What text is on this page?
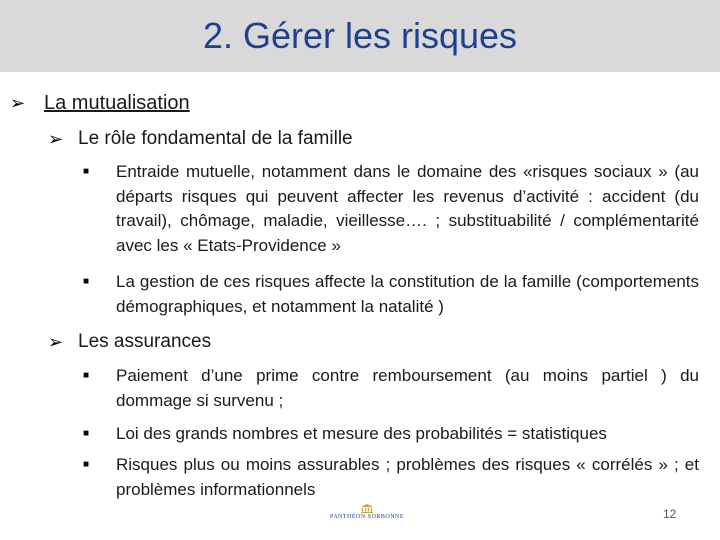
2. Gérer les risques
➢ La mutualisation
➢ Le rôle fondamental de la famille
■ Entraide mutuelle, notamment dans le domaine des «risques sociaux » (au départs risques qui peuvent affecter les revenus d’activité : accident (du travail), chômage, maladie, vieillesse…. ; substituabilité / complémentarité avec les « Etats-Providence »
■ La gestion de ces risques affecte la constitution de la famille (comportements démographiques, et notamment la natalité )
➢ Les assurances
■ Paiement d’une prime contre remboursement (au moins partiel ) du dommage si survenu ;
■ Loi des grands nombres et mesure des probabilités = statistiques
■ Risques plus ou moins assurables ; problèmes des risques « corrélés » ; et problèmes informationnels
PANTHÉON SORBONNE	12
